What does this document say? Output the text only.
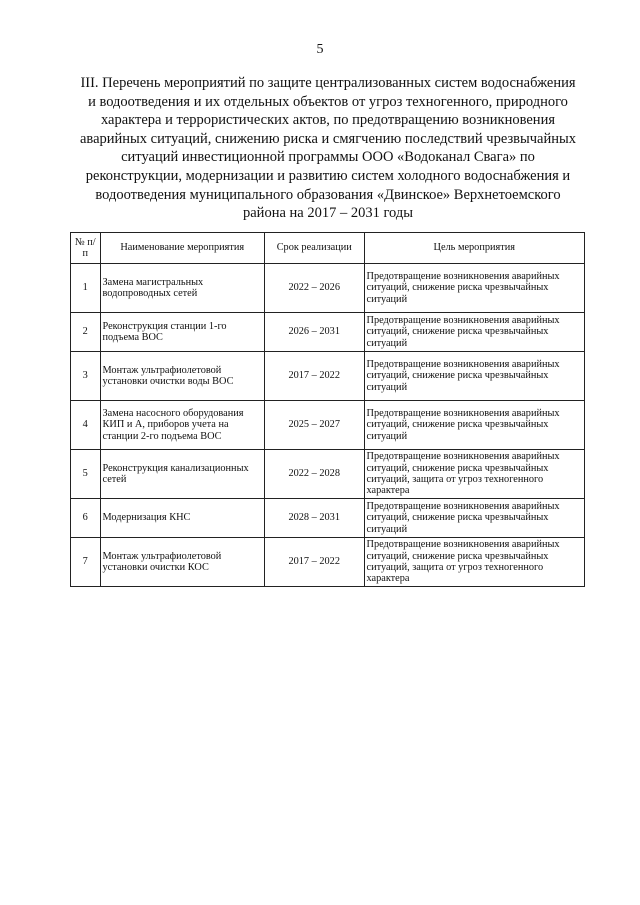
5
III. Перечень мероприятий по защите централизованных систем водоснабжения
и водоотведения и их отдельных объектов от угроз техногенного, природного
характера и террористических актов, по предотвращению возникновения
аварийных ситуаций, снижению риска и смягчению последствий чрезвычайных
ситуаций инвестиционной программы ООО «Водоканал Свага» по
реконструкции, модернизации и развитию систем холодного водоснабжения и
водоотведения муниципального образования «Двинское» Верхнетоемского
района на 2017 – 2031 годы
№ п/п	Наименование мероприятия	Срок реализации	Цель мероприятия
1	Замена магистральных водопроводных сетей	2022 – 2026	Предотвращение возникновения аварийных ситуаций, снижение риска чрезвычайных ситуаций
2	Реконструкция станции 1-го подъема ВОС	2026 – 2031	Предотвращение возникновения аварийных ситуаций, снижение риска чрезвычайных ситуаций
3	Монтаж ультрафиолетовой установки очистки воды ВОС	2017 – 2022	Предотвращение возникновения аварийных ситуаций, снижение риска чрезвычайных ситуаций
4	Замена насосного оборудования КИП и А, приборов учета на станции 2-го подъема ВОС	2025 – 2027	Предотвращение возникновения аварийных ситуаций, снижение риска чрезвычайных ситуаций
5	Реконструкция канализационных сетей	2022 – 2028	Предотвращение возникновения аварийных ситуаций, снижение риска чрезвычайных ситуаций, защита от угроз техногенного характера
6	Модернизация КНС	2028 – 2031	Предотвращение возникновения аварийных ситуаций, снижение риска чрезвычайных ситуаций
7	Монтаж ультрафиолетовой установки очистки КОС	2017 – 2022	Предотвращение возникновения аварийных ситуаций, снижение риска чрезвычайных ситуаций, защита от угроз техногенного характера
